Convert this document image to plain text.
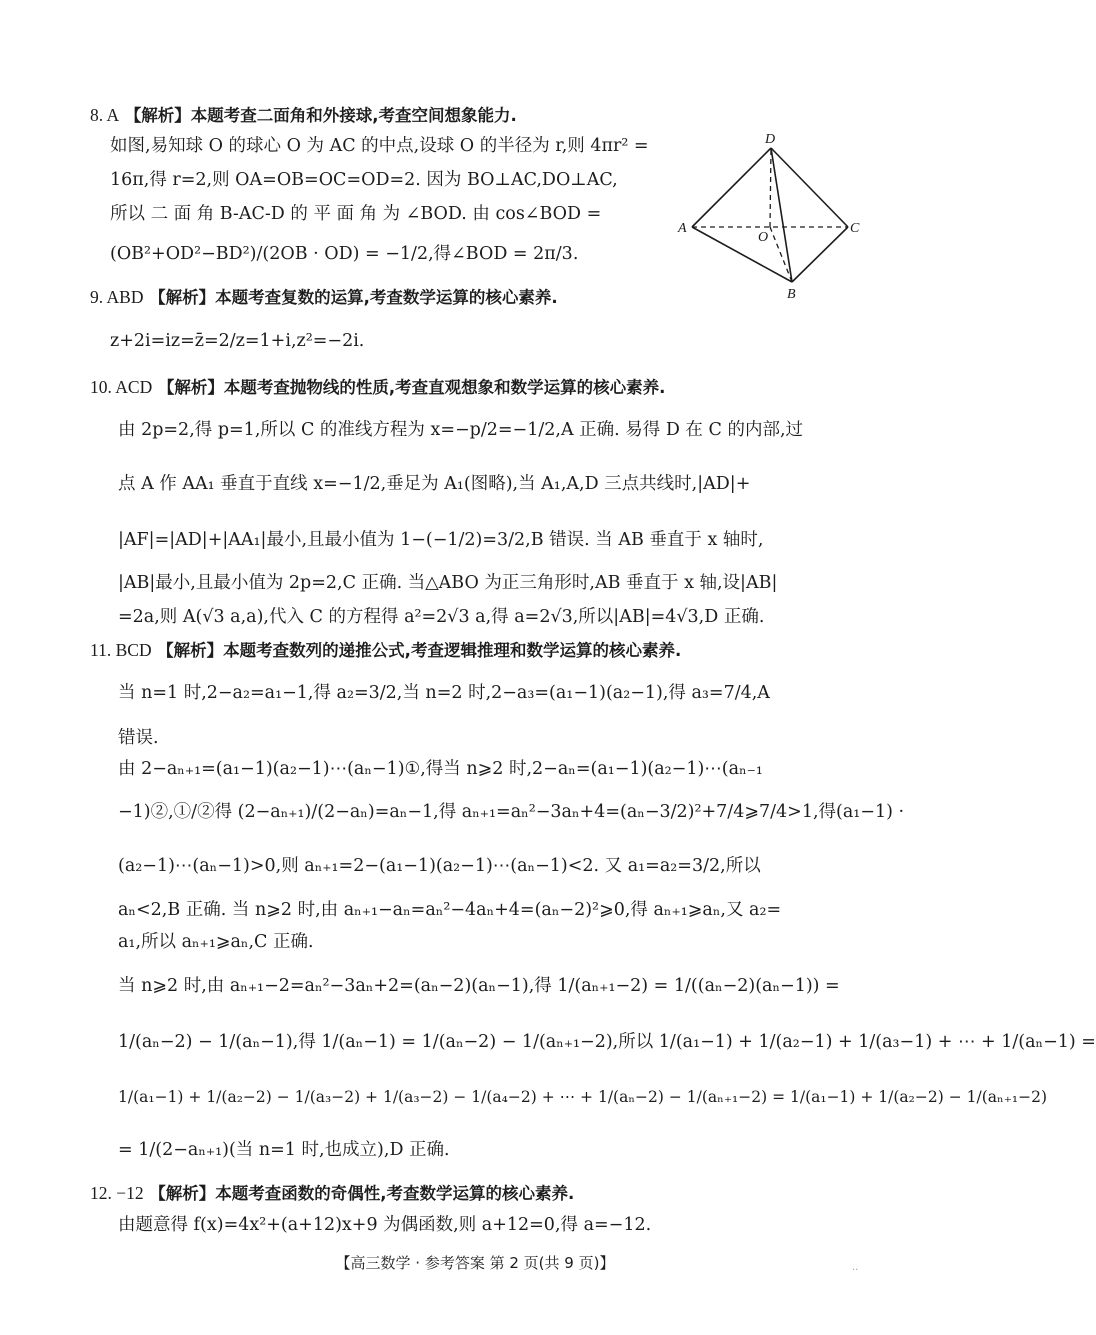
8. A 【解析】本题考查二面角和外接球,考查空间想象能力.
如图,易知球 O 的球心 O 为 AC 的中点,设球 O 的半径为 r,则 4πr² =
16π,得 r=2,则 OA=OB=OC=OD=2. 因为 BO⊥AC,DO⊥AC,
所以 二 面 角 B-AC-D 的 平 面 角 为 ∠BOD. 由 cos∠BOD =
(OB²+OD²−BD²)/(2OB · OD) = −1/2,得∠BOD = 2π/3.
D
A	C
O
B
9. ABD 【解析】本题考查复数的运算,考查数学运算的核心素养.
z+2i=iz=z̄=2/z=1+i,z²=−2i.
10. ACD 【解析】本题考查抛物线的性质,考查直观想象和数学运算的核心素养.
由 2p=2,得 p=1,所以 C 的准线方程为 x=−p/2=−1/2,A 正确. 易得 D 在 C 的内部,过
点 A 作 AA₁ 垂直于直线 x=−1/2,垂足为 A₁(图略),当 A₁,A,D 三点共线时,|AD|+
|AF|=|AD|+|AA₁|最小,且最小值为 1−(−1/2)=3/2,B 错误. 当 AB 垂直于 x 轴时,
|AB|最小,且最小值为 2p=2,C 正确. 当△ABO 为正三角形时,AB 垂直于 x 轴,设|AB|
=2a,则 A(√3 a,a),代入 C 的方程得 a²=2√3 a,得 a=2√3,所以|AB|=4√3,D 正确.
11. BCD 【解析】本题考查数列的递推公式,考查逻辑推理和数学运算的核心素养.
当 n=1 时,2−a₂=a₁−1,得 a₂=3/2,当 n=2 时,2−a₃=(a₁−1)(a₂−1),得 a₃=7/4,A
错误.
由 2−aₙ₊₁=(a₁−1)(a₂−1)⋯(aₙ−1)①,得当 n⩾2 时,2−aₙ=(a₁−1)(a₂−1)⋯(aₙ₋₁
−1)②,①/②得 (2−aₙ₊₁)/(2−aₙ)=aₙ−1,得 aₙ₊₁=aₙ²−3aₙ+4=(aₙ−3/2)²+7/4⩾7/4>1,得(a₁−1) ·
(a₂−1)⋯(aₙ−1)>0,则 aₙ₊₁=2−(a₁−1)(a₂−1)⋯(aₙ−1)<2. 又 a₁=a₂=3/2,所以
aₙ<2,B 正确. 当 n⩾2 时,由 aₙ₊₁−aₙ=aₙ²−4aₙ+4=(aₙ−2)²⩾0,得 aₙ₊₁⩾aₙ,又 a₂=
a₁,所以 aₙ₊₁⩾aₙ,C 正确.
当 n⩾2 时,由 aₙ₊₁−2=aₙ²−3aₙ+2=(aₙ−2)(aₙ−1),得 1/(aₙ₊₁−2) = 1/((aₙ−2)(aₙ−1)) =
1/(aₙ−2) − 1/(aₙ−1),得 1/(aₙ−1) = 1/(aₙ−2) − 1/(aₙ₊₁−2),所以 1/(a₁−1) + 1/(a₂−1) + 1/(a₃−1) + ⋯ + 1/(aₙ−1) =
1/(a₁−1) + 1/(a₂−2) − 1/(a₃−2) + 1/(a₃−2) − 1/(a₄−2) + ⋯ + 1/(aₙ−2) − 1/(aₙ₊₁−2) = 1/(a₁−1) + 1/(a₂−2) − 1/(aₙ₊₁−2)
= 1/(2−aₙ₊₁)(当 n=1 时,也成立),D 正确.
12. −12 【解析】本题考查函数的奇偶性,考查数学运算的核心素养.
由题意得 f(x)=4x²+(a+12)x+9 为偶函数,则 a+12=0,得 a=−12.
【高三数学 · 参考答案 第 2 页(共 9 页)】	..
